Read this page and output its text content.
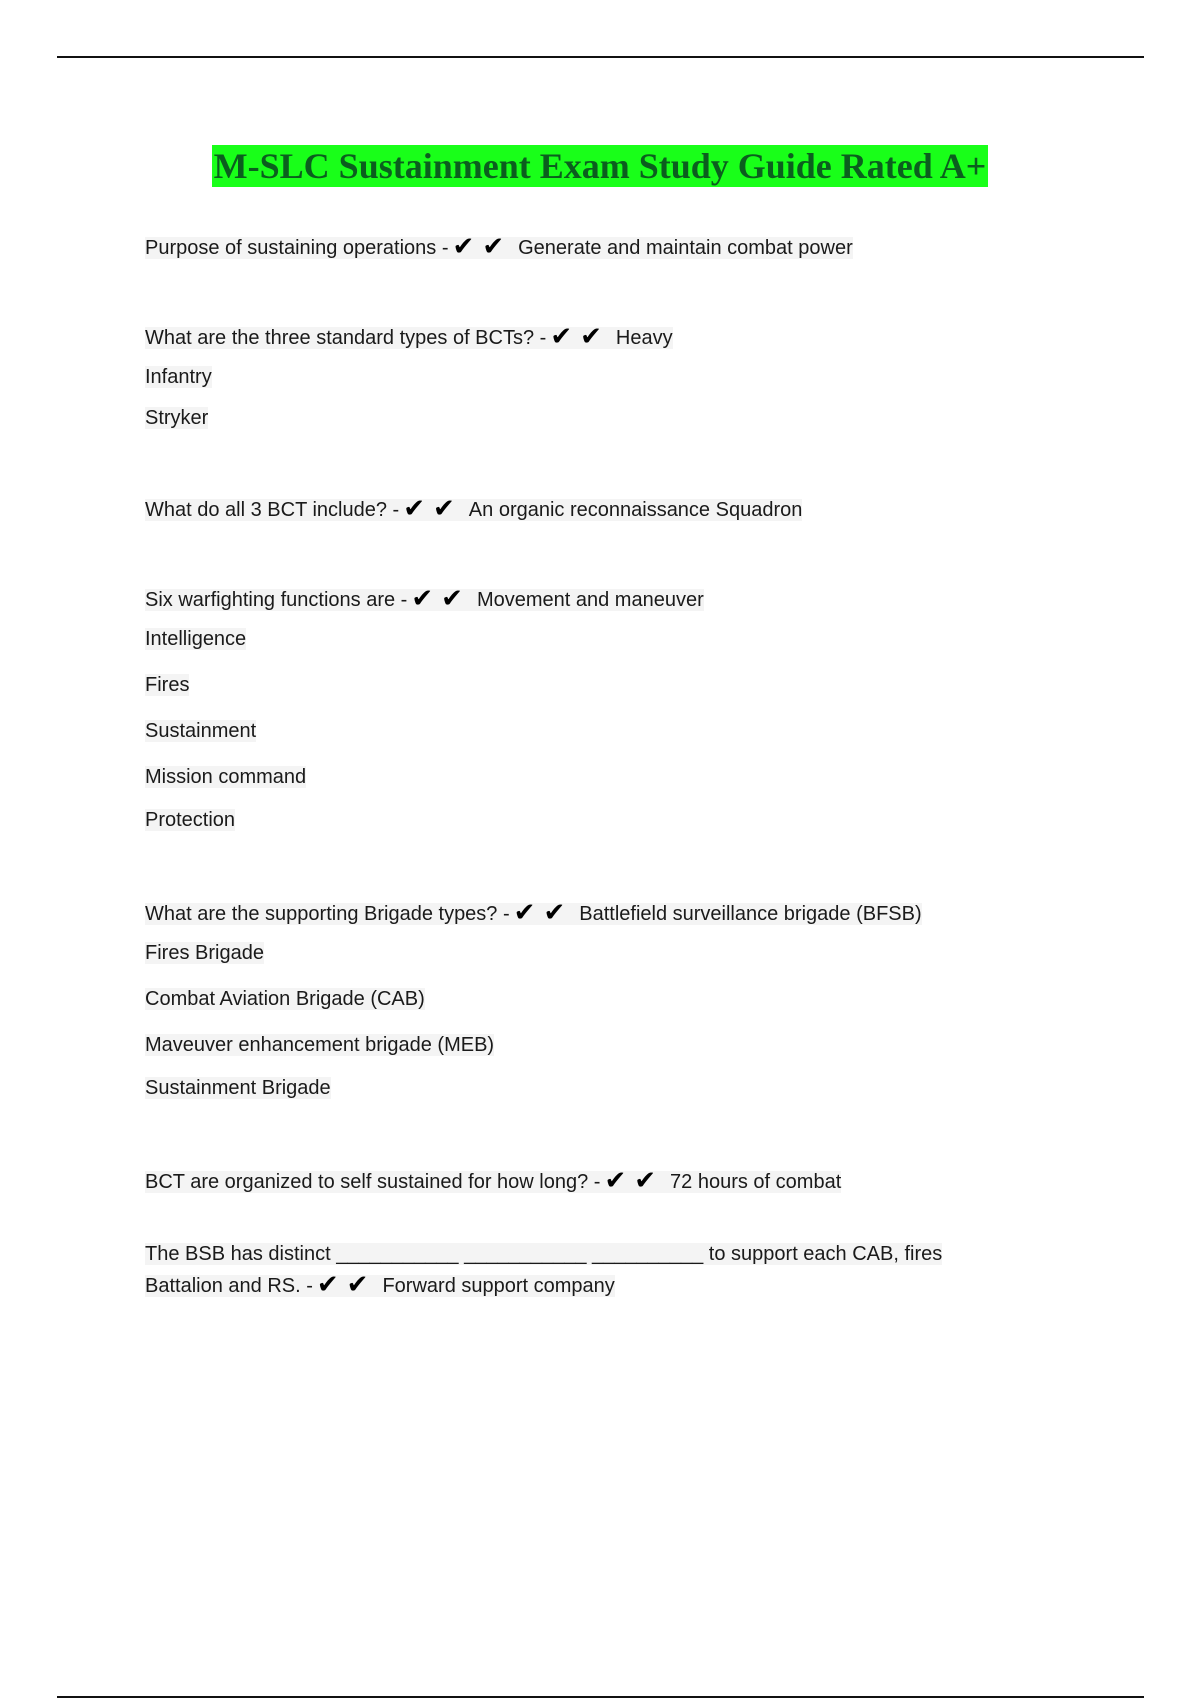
M-SLC Sustainment Exam Study Guide Rated A+
Purpose of sustaining operations - ✔ ✔ Generate and maintain combat power
What are the three standard types of BCTs? - ✔ ✔ Heavy
Infantry
Stryker
What do all 3 BCT include? - ✔ ✔ An organic reconnaissance Squadron
Six warfighting functions are - ✔ ✔ Movement and maneuver
Intelligence
Fires
Sustainment
Mission command
Protection
What are the supporting Brigade types? - ✔ ✔ Battlefield surveillance brigade (BFSB)
Fires Brigade
Combat Aviation Brigade (CAB)
Maveuver enhancement brigade (MEB)
Sustainment Brigade
BCT are organized to self sustained for how long? - ✔ ✔ 72 hours of combat
The BSB has distinct ___________ ___________ __________ to support each CAB, fires
Battalion and RS. - ✔ ✔ Forward support company
